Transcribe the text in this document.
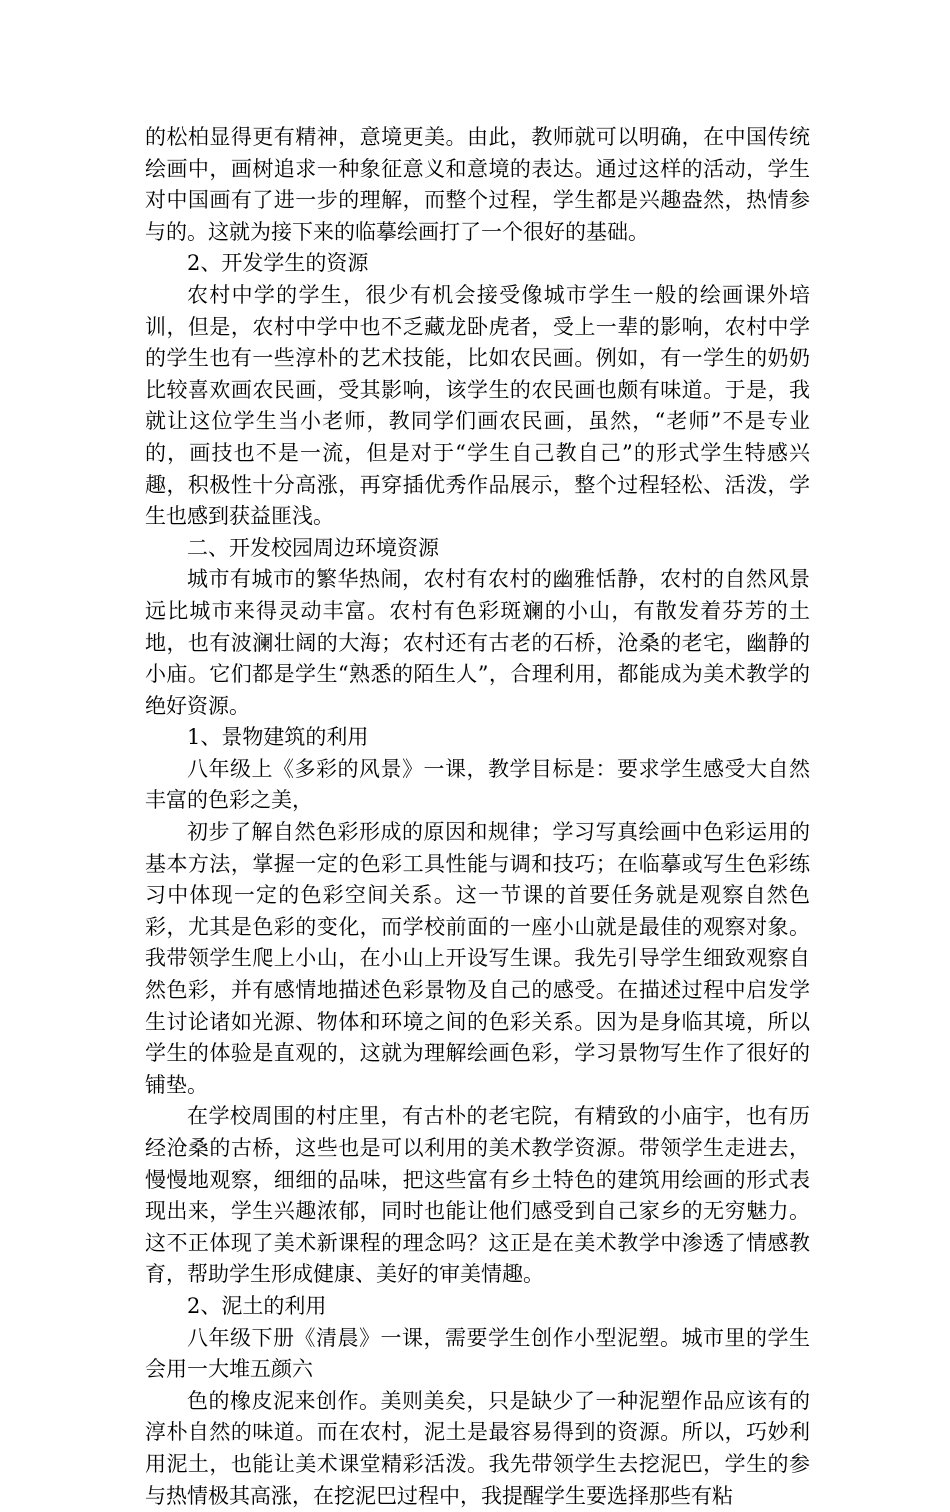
的松柏显得更有精神，意境更美。由此，教师就可以明确，在中国传统绘画中，画树追求一种象征意义和意境的表达。通过这样的活动，学生对中国画有了进一步的理解，而整个过程，学生都是兴趣盎然，热情参与的。这就为接下来的临摹绘画打了一个很好的基础。

2、开发学生的资源

农村中学的学生，很少有机会接受像城市学生一般的绘画课外培训，但是，农村中学中也不乏藏龙卧虎者，受上一辈的影响，农村中学的学生也有一些淳朴的艺术技能，比如农民画。例如，有一学生的奶奶比较喜欢画农民画，受其影响，该学生的农民画也颇有味道。于是，我就让这位学生当小老师，教同学们画农民画，虽然，“老师”不是专业的，画技也不是一流，但是对于“学生自己教自己”的形式学生特感兴趣，积极性十分高涨，再穿插优秀作品展示，整个过程轻松、活泼，学生也感到获益匪浅。

二、开发校园周边环境资源

城市有城市的繁华热闹，农村有农村的幽雅恬静，农村的自然风景远比城市来得灵动丰富。农村有色彩斑斓的小山，有散发着芬芳的土地，也有波澜壮阔的大海；农村还有古老的石桥，沧桑的老宅，幽静的小庙。它们都是学生“熟悉的陌生人”，合理利用，都能成为美术教学的绝好资源。

1、景物建筑的利用

八年级上《多彩的风景》一课，教学目标是：要求学生感受大自然丰富的色彩之美，

初步了解自然色彩形成的原因和规律；学习写真绘画中色彩运用的基本方法，掌握一定的色彩工具性能与调和技巧；在临摹或写生色彩练习中体现一定的色彩空间关系。这一节课的首要任务就是观察自然色彩，尤其是色彩的变化，而学校前面的一座小山就是最佳的观察对象。我带领学生爬上小山，在小山上开设写生课。我先引导学生细致观察自然色彩，并有感情地描述色彩景物及自己的感受。在描述过程中启发学生讨论诸如光源、物体和环境之间的色彩关系。因为是身临其境，所以学生的体验是直观的，这就为理解绘画色彩，学习景物写生作了很好的铺垫。

在学校周围的村庄里，有古朴的老宅院，有精致的小庙宇，也有历经沧桑的古桥，这些也是可以利用的美术教学资源。带领学生走进去，慢慢地观察，细细的品味，把这些富有乡土特色的建筑用绘画的形式表现出来，学生兴趣浓郁，同时也能让他们感受到自己家乡的无穷魅力。这不正体现了美术新课程的理念吗？这正是在美术教学中渗透了情感教育，帮助学生形成健康、美好的审美情趣。

2、泥土的利用

八年级下册《清晨》一课，需要学生创作小型泥塑。城市里的学生会用一大堆五颜六

色的橡皮泥来创作。美则美矣，只是缺少了一种泥塑作品应该有的淳朴自然的味道。而在农村，泥土是最容易得到的资源。所以，巧妙利用泥土，也能让美术课堂精彩活泼。我先带领学生去挖泥巴，学生的参与热情极其高涨，在挖泥巴过程中，我提醒学生要选择那些有粘
